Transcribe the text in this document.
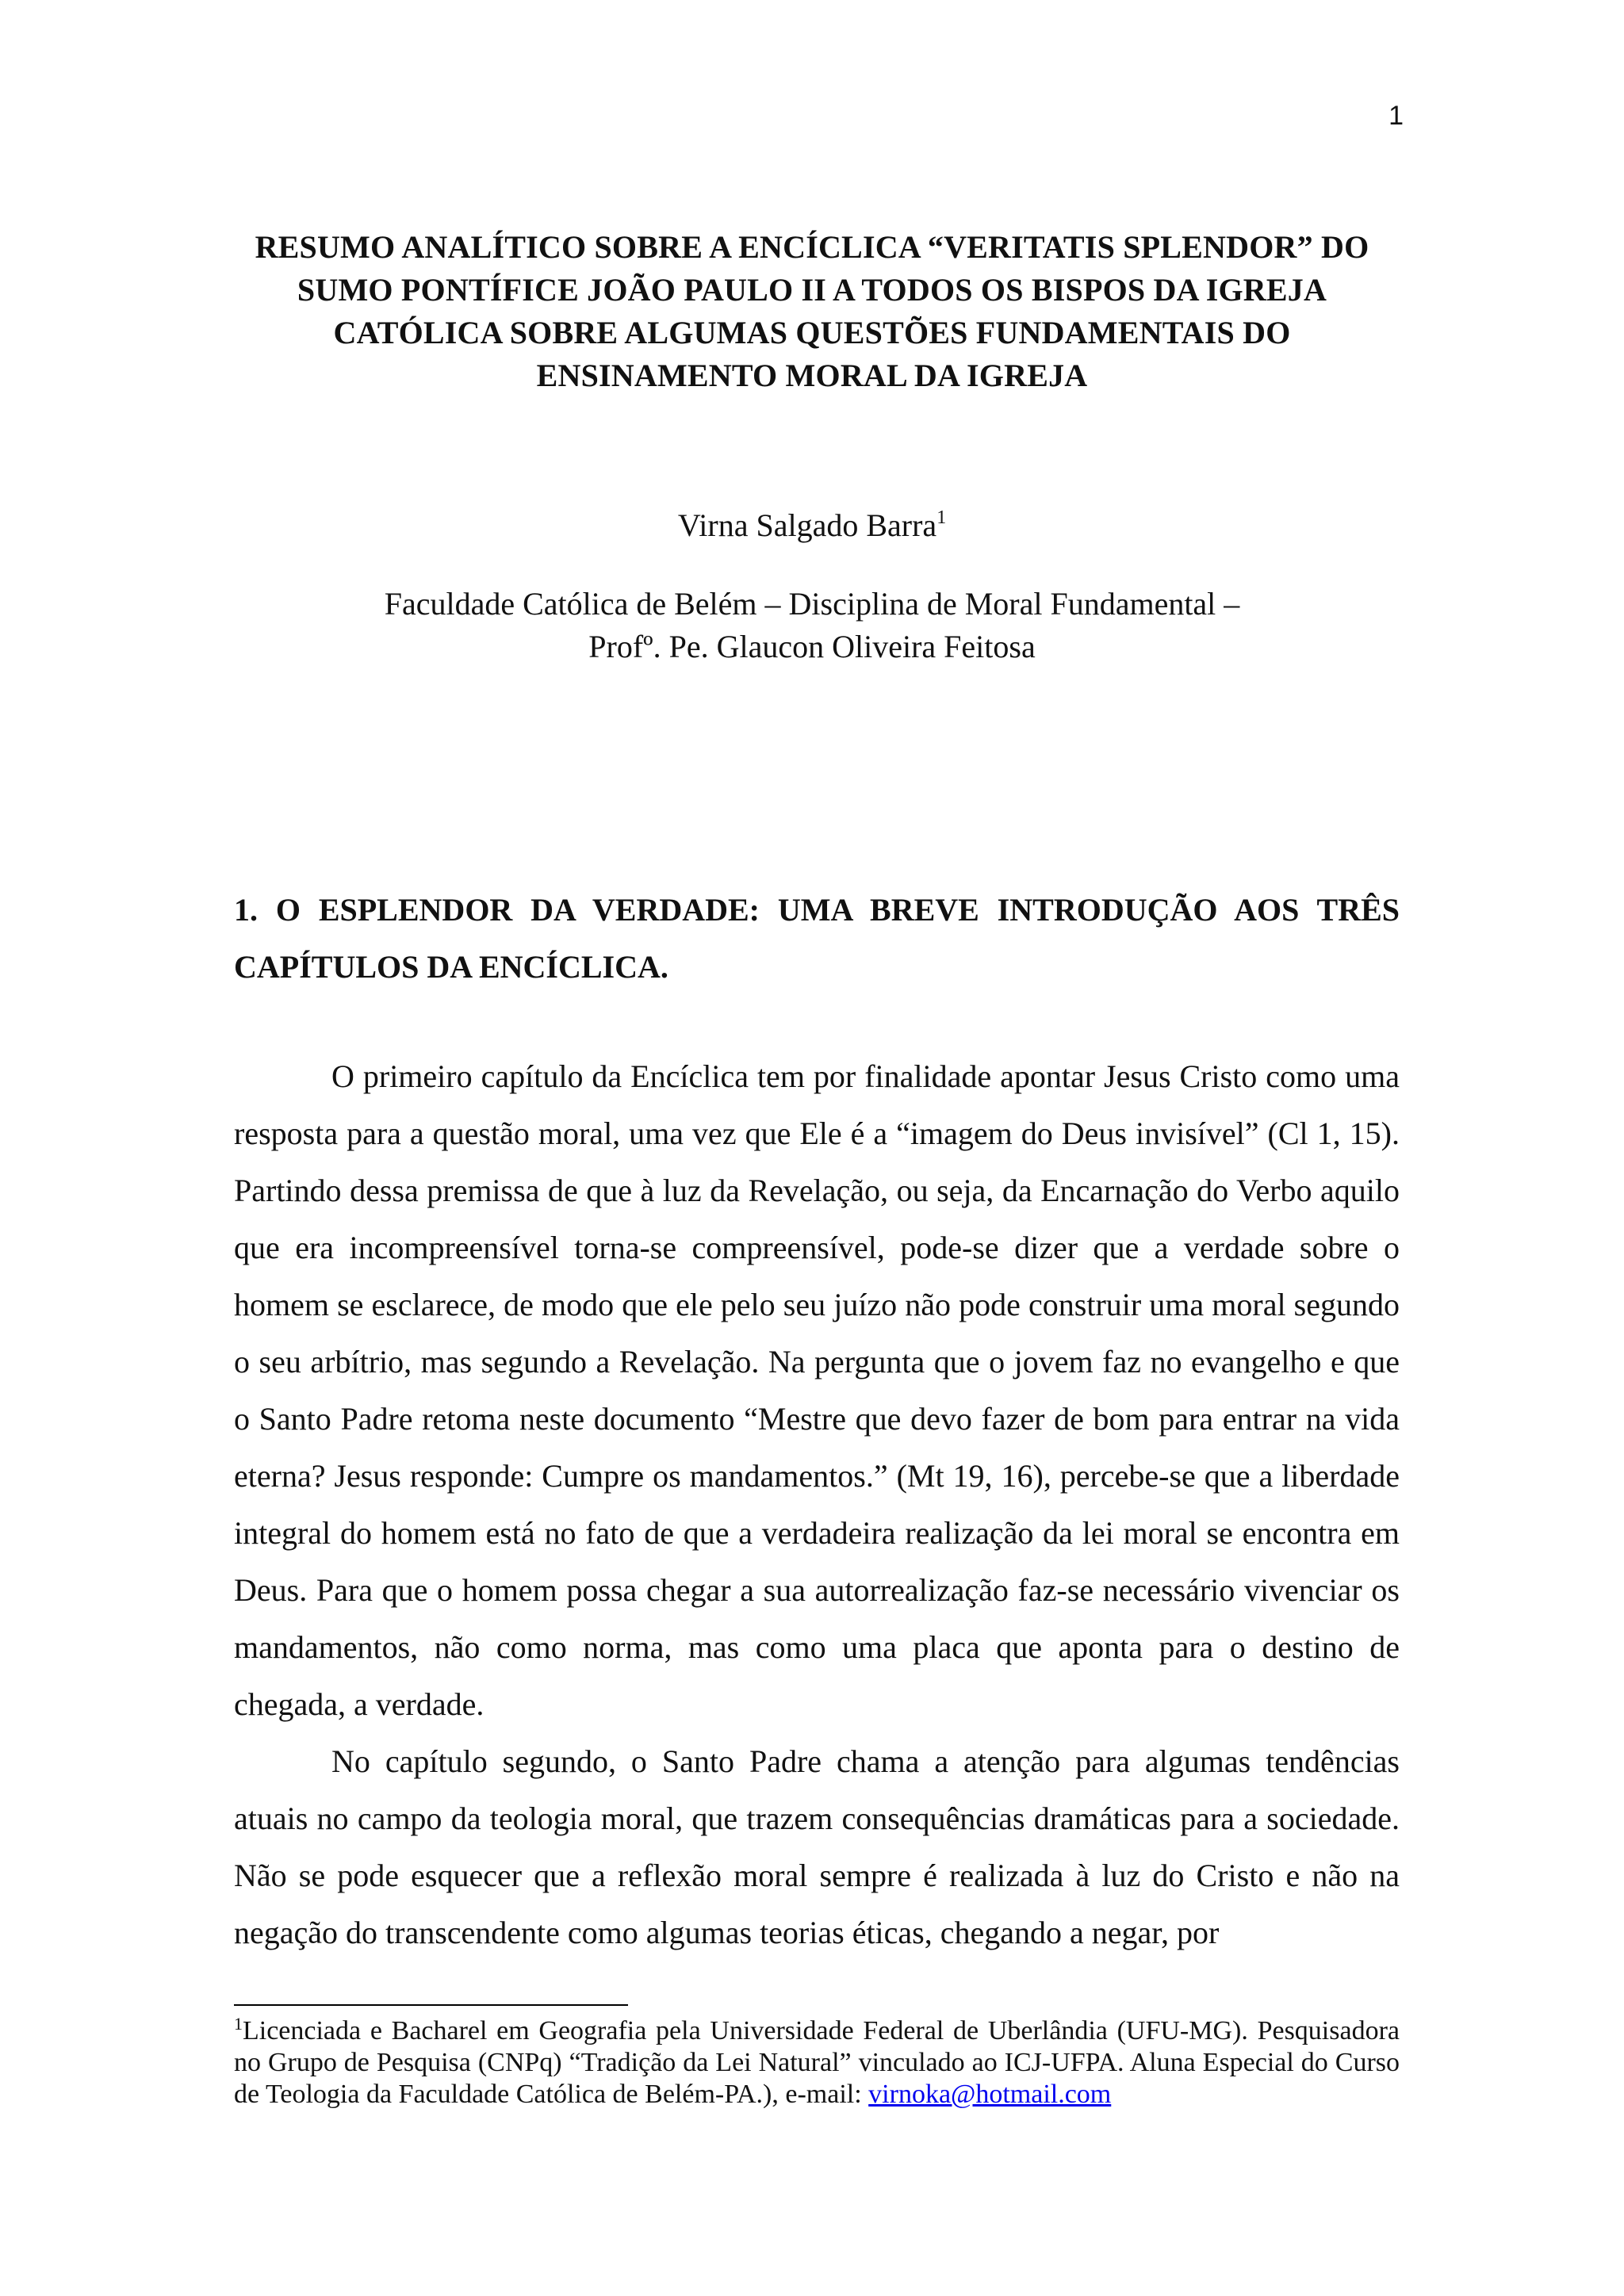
1
RESUMO ANALÍTICO SOBRE A ENCÍCLICA “VERITATIS SPLENDOR” DO
SUMO PONTÍFICE JOÃO PAULO II A TODOS OS BISPOS DA IGREJA
CATÓLICA SOBRE ALGUMAS QUESTÕES FUNDAMENTAIS DO
ENSINAMENTO MORAL DA IGREJA
Virna Salgado Barra$^1$
Faculdade Católica de Belém – Disciplina de Moral Fundamental –
Profº. Pe. Glaucon Oliveira Feitosa
1. O ESPLENDOR DA VERDADE: UMA BREVE INTRODUÇÃO AOS TRÊS CAPÍTULOS DA ENCÍCLICA.

O primeiro capítulo da Encíclica tem por finalidade apontar Jesus Cristo como uma resposta para a questão moral, uma vez que Ele é a “imagem do Deus invisível” (Cl 1, 15). Partindo dessa premissa de que à luz da Revelação, ou seja, da Encarnação do Verbo aquilo que era incompreensível torna-se compreensível, pode-se dizer que a verdade sobre o homem se esclarece, de modo que ele pelo seu juízo não pode construir uma moral segundo o seu arbítrio, mas segundo a Revelação. Na pergunta que o jovem faz no evangelho e que o Santo Padre retoma neste documento “Mestre que devo fazer de bom para entrar na vida eterna? Jesus responde: Cumpre os mandamentos.” (Mt 19, 16), percebe-se que a liberdade integral do homem está no fato de que a verdadeira realização da lei moral se encontra em Deus. Para que o homem possa chegar a sua autorrealização faz-se necessário vivenciar os mandamentos, não como norma, mas como uma placa que aponta para o destino de chegada, a verdade.

No capítulo segundo, o Santo Padre chama a atenção para algumas tendências atuais no campo da teologia moral, que trazem consequências dramáticas para a sociedade. Não se pode esquecer que a reflexão moral sempre é realizada à luz do Cristo e não na negação do transcendente como algumas teorias éticas, chegando a negar, por

$^1$Licenciada e Bacharel em Geografia pela Universidade Federal de Uberlândia (UFU-MG). Pesquisadora no Grupo de Pesquisa (CNPq) “Tradição da Lei Natural” vinculado ao ICJ-UFPA. Aluna Especial do Curso de Teologia da Faculdade Católica de Belém-PA.), e-mail: virnoka@hotmail.com
